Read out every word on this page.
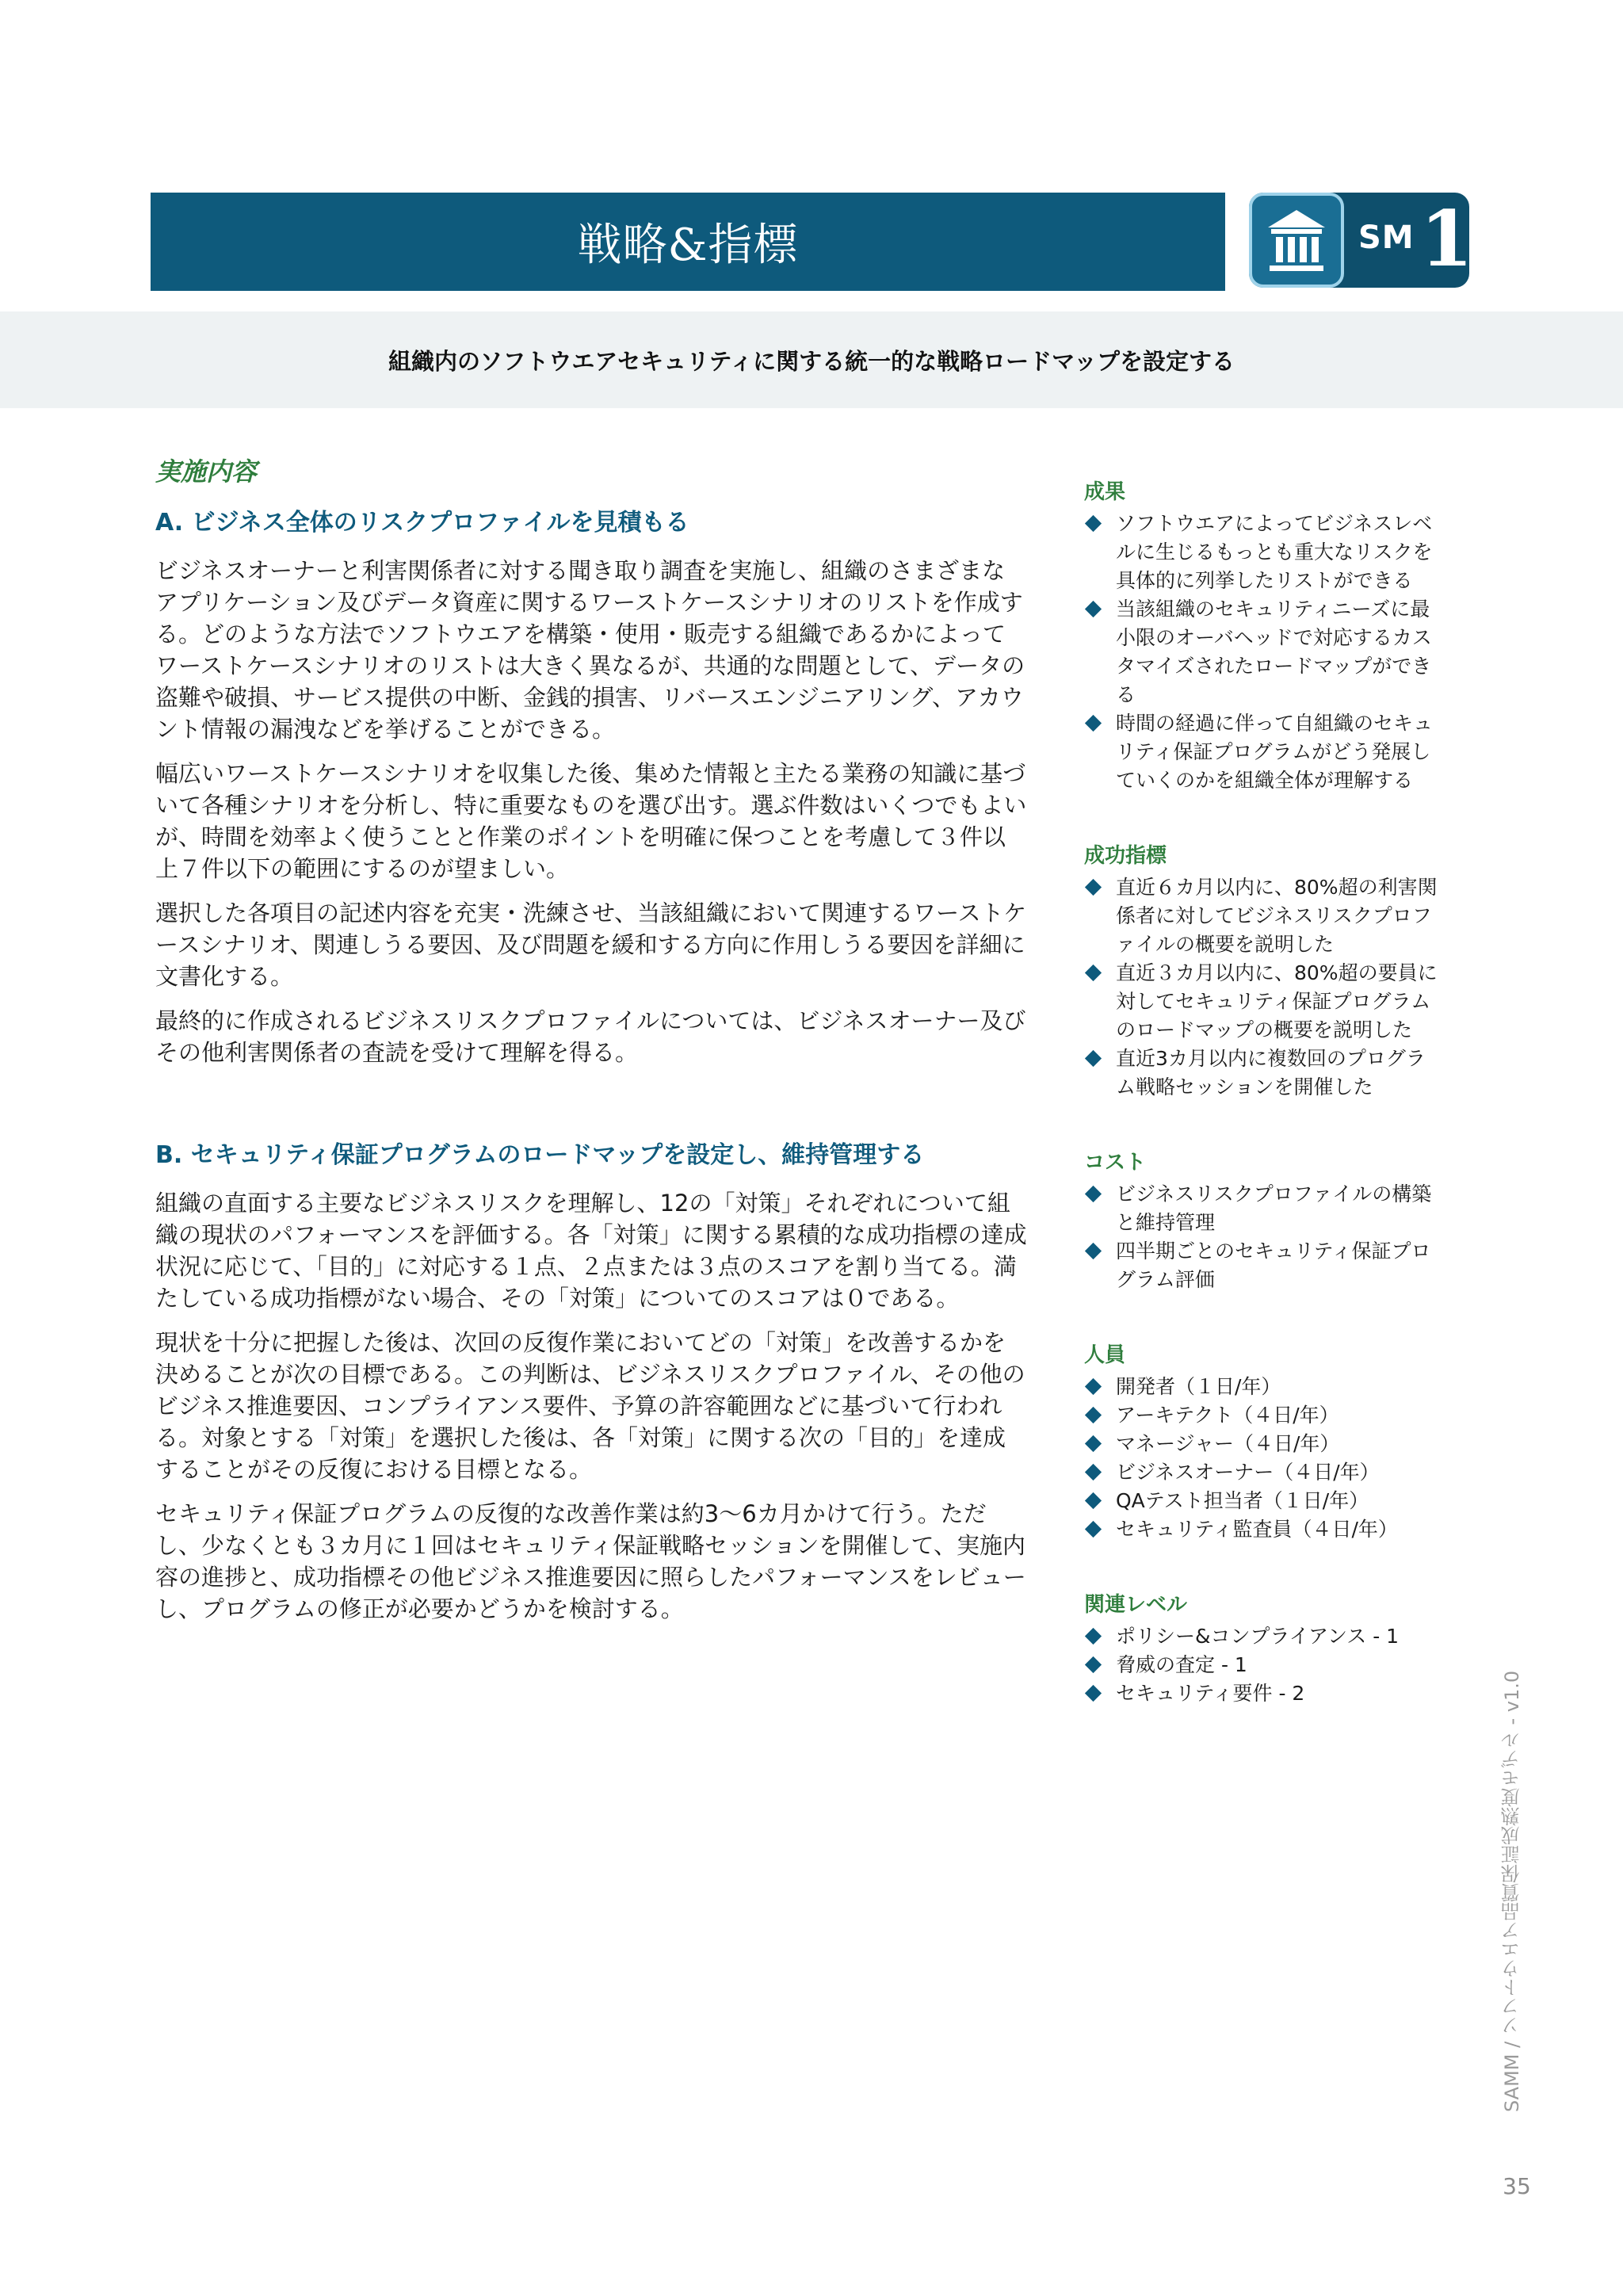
戦略&指標	SM 1
組織内のソフトウエアセキュリティに関する統一的な戦略ロードマップを設定する
実施内容
A. ビジネス全体のリスクプロファイルを見積もる

ビジネスオーナーと利害関係者に対する聞き取り調査を実施し、組織のさまざまなアプリケーション及びデータ資産に関するワーストケースシナリオのリストを作成する。どのような方法でソフトウエアを構築・使用・販売する組織であるかによってワーストケースシナリオのリストは大きく異なるが、共通的な問題として、データの盗難や破損、サービス提供の中断、金銭的損害、リバースエンジニアリング、アカウント情報の漏洩などを挙げることができる。

幅広いワーストケースシナリオを収集した後、集めた情報と主たる業務の知識に基づいて各種シナリオを分析し、特に重要なものを選び出す。選ぶ件数はいくつでもよいが、時間を効率よく使うことと作業のポイントを明確に保つことを考慮して３件以上７件以下の範囲にするのが望ましい。

選択した各項目の記述内容を充実・洗練させ、当該組織において関連するワーストケースシナリオ、関連しうる要因、及び問題を緩和する方向に作用しうる要因を詳細に文書化する。

最終的に作成されるビジネスリスクプロファイルについては、ビジネスオーナー及びその他利害関係者の査読を受けて理解を得る。

B. セキュリティ保証プログラムのロードマップを設定し、維持管理する

組織の直面する主要なビジネスリスクを理解し、12の「対策」それぞれについて組織の現状のパフォーマンスを評価する。各「対策」に関する累積的な成功指標の達成状況に応じて、「目的」に対応する１点、２点または３点のスコアを割り当てる。満たしている成功指標がない場合、その「対策」についてのスコアは０である。

現状を十分に把握した後は、次回の反復作業においてどの「対策」を改善するかを決めることが次の目標である。この判断は、ビジネスリスクプロファイル、その他のビジネス推進要因、コンプライアンス要件、予算の許容範囲などに基づいて行われる。対象とする「対策」を選択した後は、各「対策」に関する次の「目的」を達成することがその反復における目標となる。

セキュリティ保証プログラムの反復的な改善作業は約3〜6カ月かけて行う。ただし、少なくとも３カ月に１回はセキュリティ保証戦略セッションを開催して、実施内容の進捗と、成功指標その他ビジネス推進要因に照らしたパフォーマンスをレビューし、プログラムの修正が必要かどうかを検討する。

成果
ソフトウエアによってビジネスレベルに生じるもっとも重大なリスクを具体的に列挙したリストができる
当該組織のセキュリティニーズに最小限のオーバヘッドで対応するカスタマイズされたロードマップができる
時間の経過に伴って自組織のセキュリティ保証プログラムがどう発展していくのかを組織全体が理解する
成功指標
直近６カ月以内に、80%超の利害関係者に対してビジネスリスクプロファイルの概要を説明した
直近３カ月以内に、80%超の要員に対してセキュリティ保証プログラムのロードマップの概要を説明した
直近3カ月以内に複数回のプログラム戦略セッションを開催した
コスト
ビジネスリスクプロファイルの構築と維持管理
四半期ごとのセキュリティ保証プログラム評価
人員
開発者（１日/年）
アーキテクト（４日/年）
マネージャー（４日/年）
ビジネスオーナー（４日/年）
QAテスト担当者（１日/年）
セキュリティ監査員（４日/年）
関連レベル
ポリシー&コンプライアンス - 1
脅威の査定 - 1
セキュリティ要件 - 2	SAMM / ソフトウエア品質保証成熟度モデル - v1.0
35
